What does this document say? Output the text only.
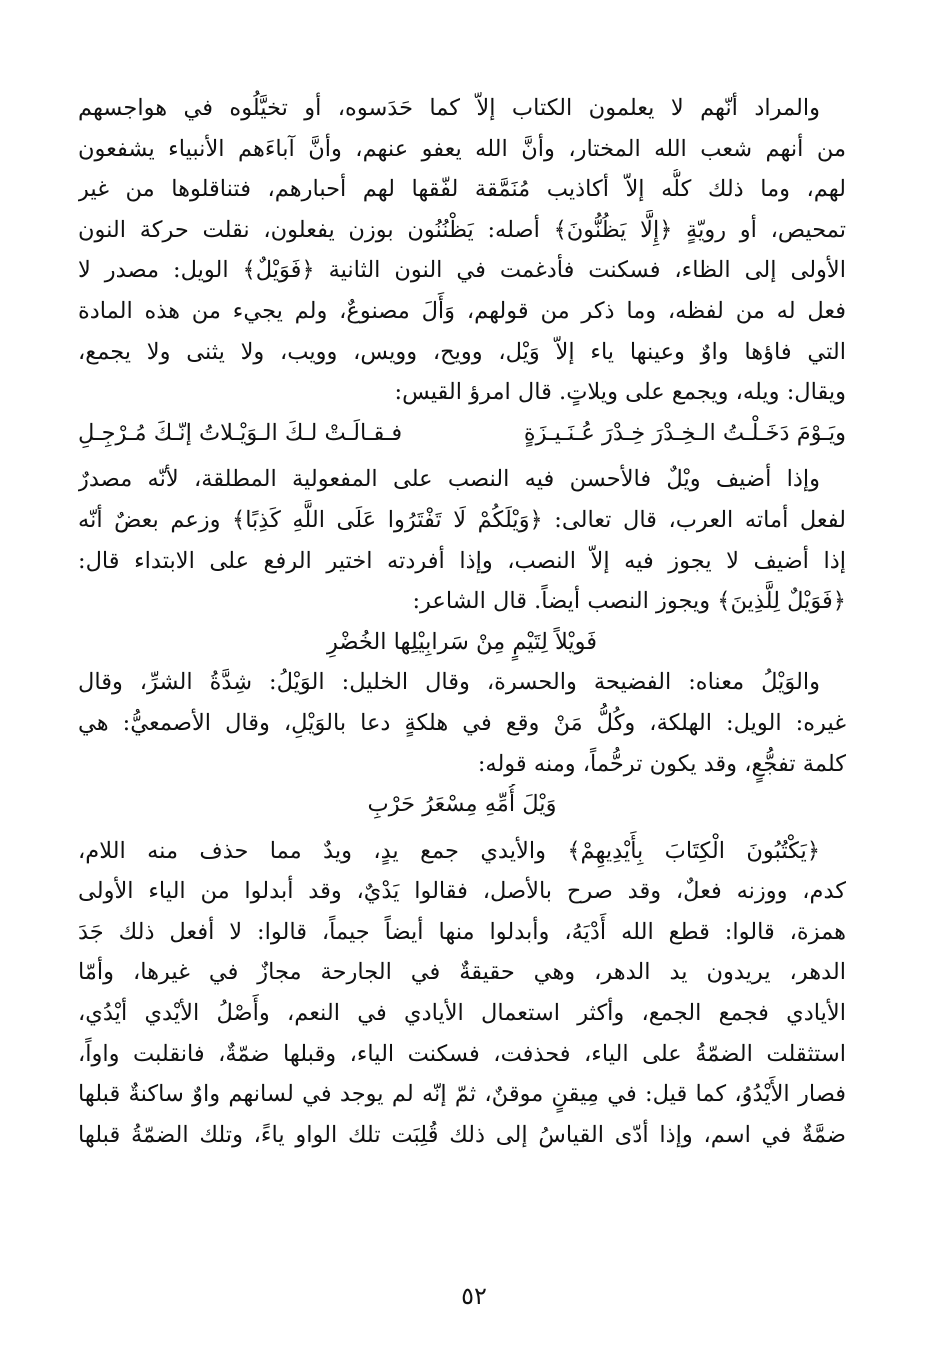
والمراد أنّهم لا يعلمون الكتاب إلاّ كما حَدَسوه، أو تخيَّلُوه في هواجسهم
من أنهم شعب الله المختار، وأنَّ الله يعفو عنهم، وأنَّ آباءَهم الأنبياء يشفعون
لهم، وما ذلك كلُّه إلاّ أكاذيب مُنَمَّقة لفّقها لهم أحبارهم، فتناقلوها من غير
تمحيص، أو رويّةٍ ﴿إِلَّا يَظُنُّونَ﴾ أصله: يَظْنُنُون بوزن يفعلون، نقلت حركة النون
الأولى إلى الظاء، فسكنت فأدغمت في النون الثانية ﴿فَوَيْلٌ﴾ الويل: مصدر لا
فعل له من لفظه، وما ذكر من قولهم، وَأَلَ مصنوعٌ، ولم يجيء من هذه المادة
التي فاؤها واوٌ وعينها ياء إلاّ وَيْل، وويح، وويس، وويب، ولا يثنى ولا يجمع،
ويقال: ويله، ويجمع على ويلاتٍ. قال امرؤ القيس:
ويَـوْمَ دَخَـلْـتُ الـخِـدْرَ خِـدْرَ عُـنَـيـزَةٍ
فـقـالَـتْ لـكَ الـوَيْـلاتُ إنّـكَ مُـرْجِـلِ
وإذا أضيف ويْلٌ فالأحسن فيه النصب على المفعولية المطلقة، لأنّه مصدرٌ
لفعل أماته العرب، قال تعالى: ﴿وَيْلَكُمْ لَا تَفْتَرُوا عَلَى اللَّهِ كَذِبًا﴾ وزعم بعضٌ أنّه
إذا أضيف لا يجوز فيه إلاّ النصب، وإذا أفردته اختير الرفع على الابتداء قال:
﴿فَوَيْلٌ لِلَّذِينَ﴾ ويجوز النصب أيضاً. قال الشاعر:
فَويْلاً لِتَيْمٍ مِنْ سَرابِيْلِها الخُضْرِ
والوَيْلُ معناه: الفضيحة والحسرة، وقال الخليل: الوَيْلُ: شِدَّةُ الشرِّ، وقال
غيره: الويل: الهلكة، وكُلُّ مَنْ وقع في هلكةٍ دعا بالوَيْلِ، وقال الأصمعيُّ: هي
كلمة تفجُّعٍ، وقد يكون ترحُّماً، ومنه قوله:
وَيْلَ أُمِّهِ مِسْعَرُ حَرْبِ
﴿يَكْتُبُونَ الْكِتَابَ بِأَيْدِيهِمْ﴾ والأيدي جمع يدٍ، ويدٌ مما حذف منه اللام،
كدم، ووزنه فعلٌ، وقد صرح بالأصل، فقالوا يَدْيٌ، وقد أبدلوا من الياء الأولى
همزة، قالوا: قطع الله أَدْيَهُ، وأبدلوا منها أيضاً جيماً، قالوا: لا أفعل ذلك جَدَ
الدهر، يريدون يد الدهر، وهي حقيقةٌ في الجارحة مجازٌ في غيرها، وأمّا
الأيادي فجمع الجمع، وأكثر استعمال الأيادي في النعم، وأَصْلُ الأيْدي أيْدُي،
استثقلت الضمّةُ على الياء، فحذفت، فسكنت الياء، وقبلها ضمّةٌ، فانقلبت واواً،
فصار الأَيْدُوُ، كما قيل: في مِيقنٍ موقنٌ، ثمّ إنّه لم يوجد في لسانهم واوٌ ساكنةٌ قبلها
ضمَّةٌ في اسم، وإذا أدّى القياسُ إلى ذلك قُلِبَت تلك الواو ياءً، وتلك الضمّةُ قبلها
٥٢
